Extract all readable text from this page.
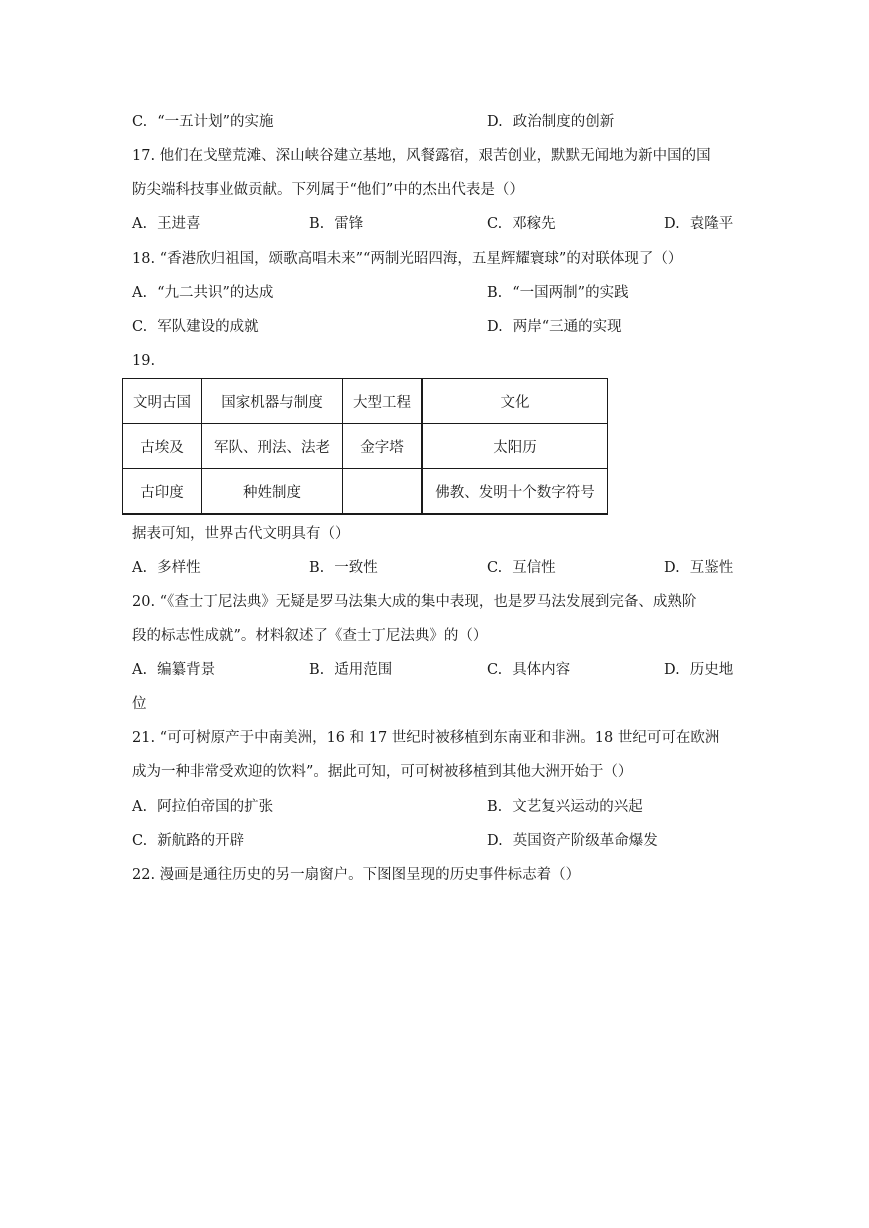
C. “一五计划”的实施	D. 政治制度的创新
17. 他们在戈壁荒滩、深山峡谷建立基地，风餐露宿，艰苦创业，默默无闻地为新中国的国
防尖端科技事业做贡献。下列属于“他们”中的杰出代表是（）
A. 王进喜	B. 雷锋	C. 邓稼先	D. 袁隆平
18. “香港欣归祖国，颂歌高唱未来”“两制光昭四海，五星辉耀寰球”的对联体现了（）
A. “九二共识”的达成	B. “一国两制”的实践
C. 军队建设的成就	D. 两岸“三通的实现
19.
文明古国	国家机器与制度	大型工程	文化
古埃及	军队、刑法、法老	金字塔	太阳历
古印度	种姓制度		佛教、发明十个数字符号
据表可知，世界古代文明具有（）
A. 多样性	B. 一致性	C. 互信性	D. 互鉴性
20. “《查士丁尼法典》无疑是罗马法集大成的集中表现，也是罗马法发展到完备、成熟阶
段的标志性成就”。材料叙述了《查士丁尼法典》的（）
A. 编纂背景	B. 适用范围	C. 具体内容	D. 历史地
位
21. “可可树原产于中南美洲，16 和 17 世纪时被移植到东南亚和非洲。18 世纪可可在欧洲
成为一种非常受欢迎的饮料”。据此可知，可可树被移植到其他大洲开始于（）
A. 阿拉伯帝国的扩张	B. 文艺复兴运动的兴起
C. 新航路的开辟	D. 英国资产阶级革命爆发
22. 漫画是通往历史的另一扇窗户。下图图呈现的历史事件标志着（）
